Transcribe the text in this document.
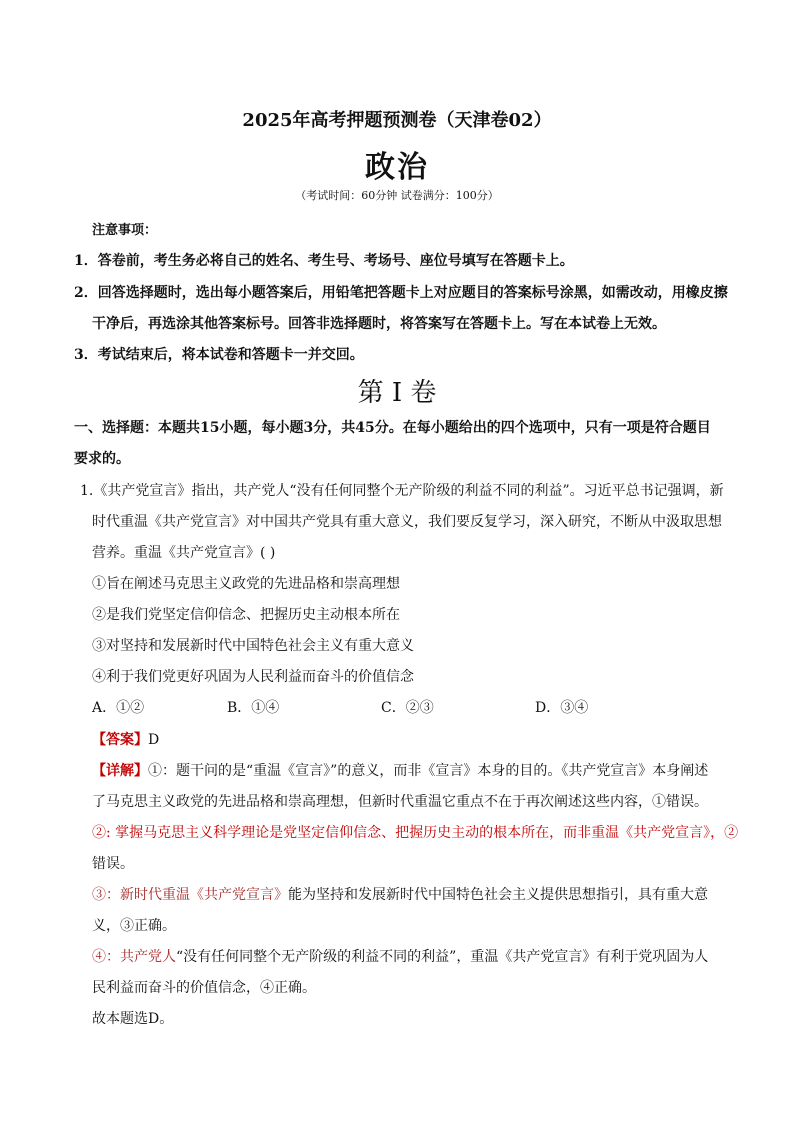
2025年高考押题预测卷（天津卷02）
政治
（考试时间：60分钟 试卷满分：100分）
注意事项：
1．答卷前，考生务必将自己的姓名、考生号、考场号、座位号填写在答题卡上。
2．回答选择题时，选出每小题答案后，用铅笔把答题卡上对应题目的答案标号涂黑，如需改动，用橡皮擦
干净后，再选涂其他答案标号。回答非选择题时，将答案写在答题卡上。写在本试卷上无效。
3．考试结束后，将本试卷和答题卡一并交回。
第 I 卷
一、选择题：本题共15小题，每小题3分，共45分。在每小题给出的四个选项中，只有一项是符合题目
要求的。
1.《共产党宣言》指出，共产党人“没有任何同整个无产阶级的利益不同的利益”。习近平总书记强调，新
时代重温《共产党宣言》对中国共产党具有重大意义，我们要反复学习，深入研究，不断从中汲取思想
营养。重温《共产党宣言》( )
①旨在阐述马克思主义政党的先进品格和崇高理想
②是我们党坚定信仰信念、把握历史主动根本所在
③对坚持和发展新时代中国特色社会主义有重大意义
④利于我们党更好巩固为人民利益而奋斗的价值信念
A．①②	B．①④	C．②③	D．③④
【答案】D
【详解】①：题干问的是“重温《宣言》”的意义，而非《宣言》本身的目的。《共产党宣言》本身阐述
了马克思主义政党的先进品格和崇高理想，但新时代重温它重点不在于再次阐述这些内容，①错误。
②: 掌握马克思主义科学理论是党坚定信仰信念、把握历史主动的根本所在，而非重温《共产党宣言》，②
错误。
③：新时代重温《共产党宣言》能为坚持和发展新时代中国特色社会主义提供思想指引，具有重大意
义，③正确。
④：共产党人“没有任何同整个无产阶级的利益不同的利益”，重温《共产党宣言》有利于党巩固为人
民利益而奋斗的价值信念，④正确。
故本题选D。
